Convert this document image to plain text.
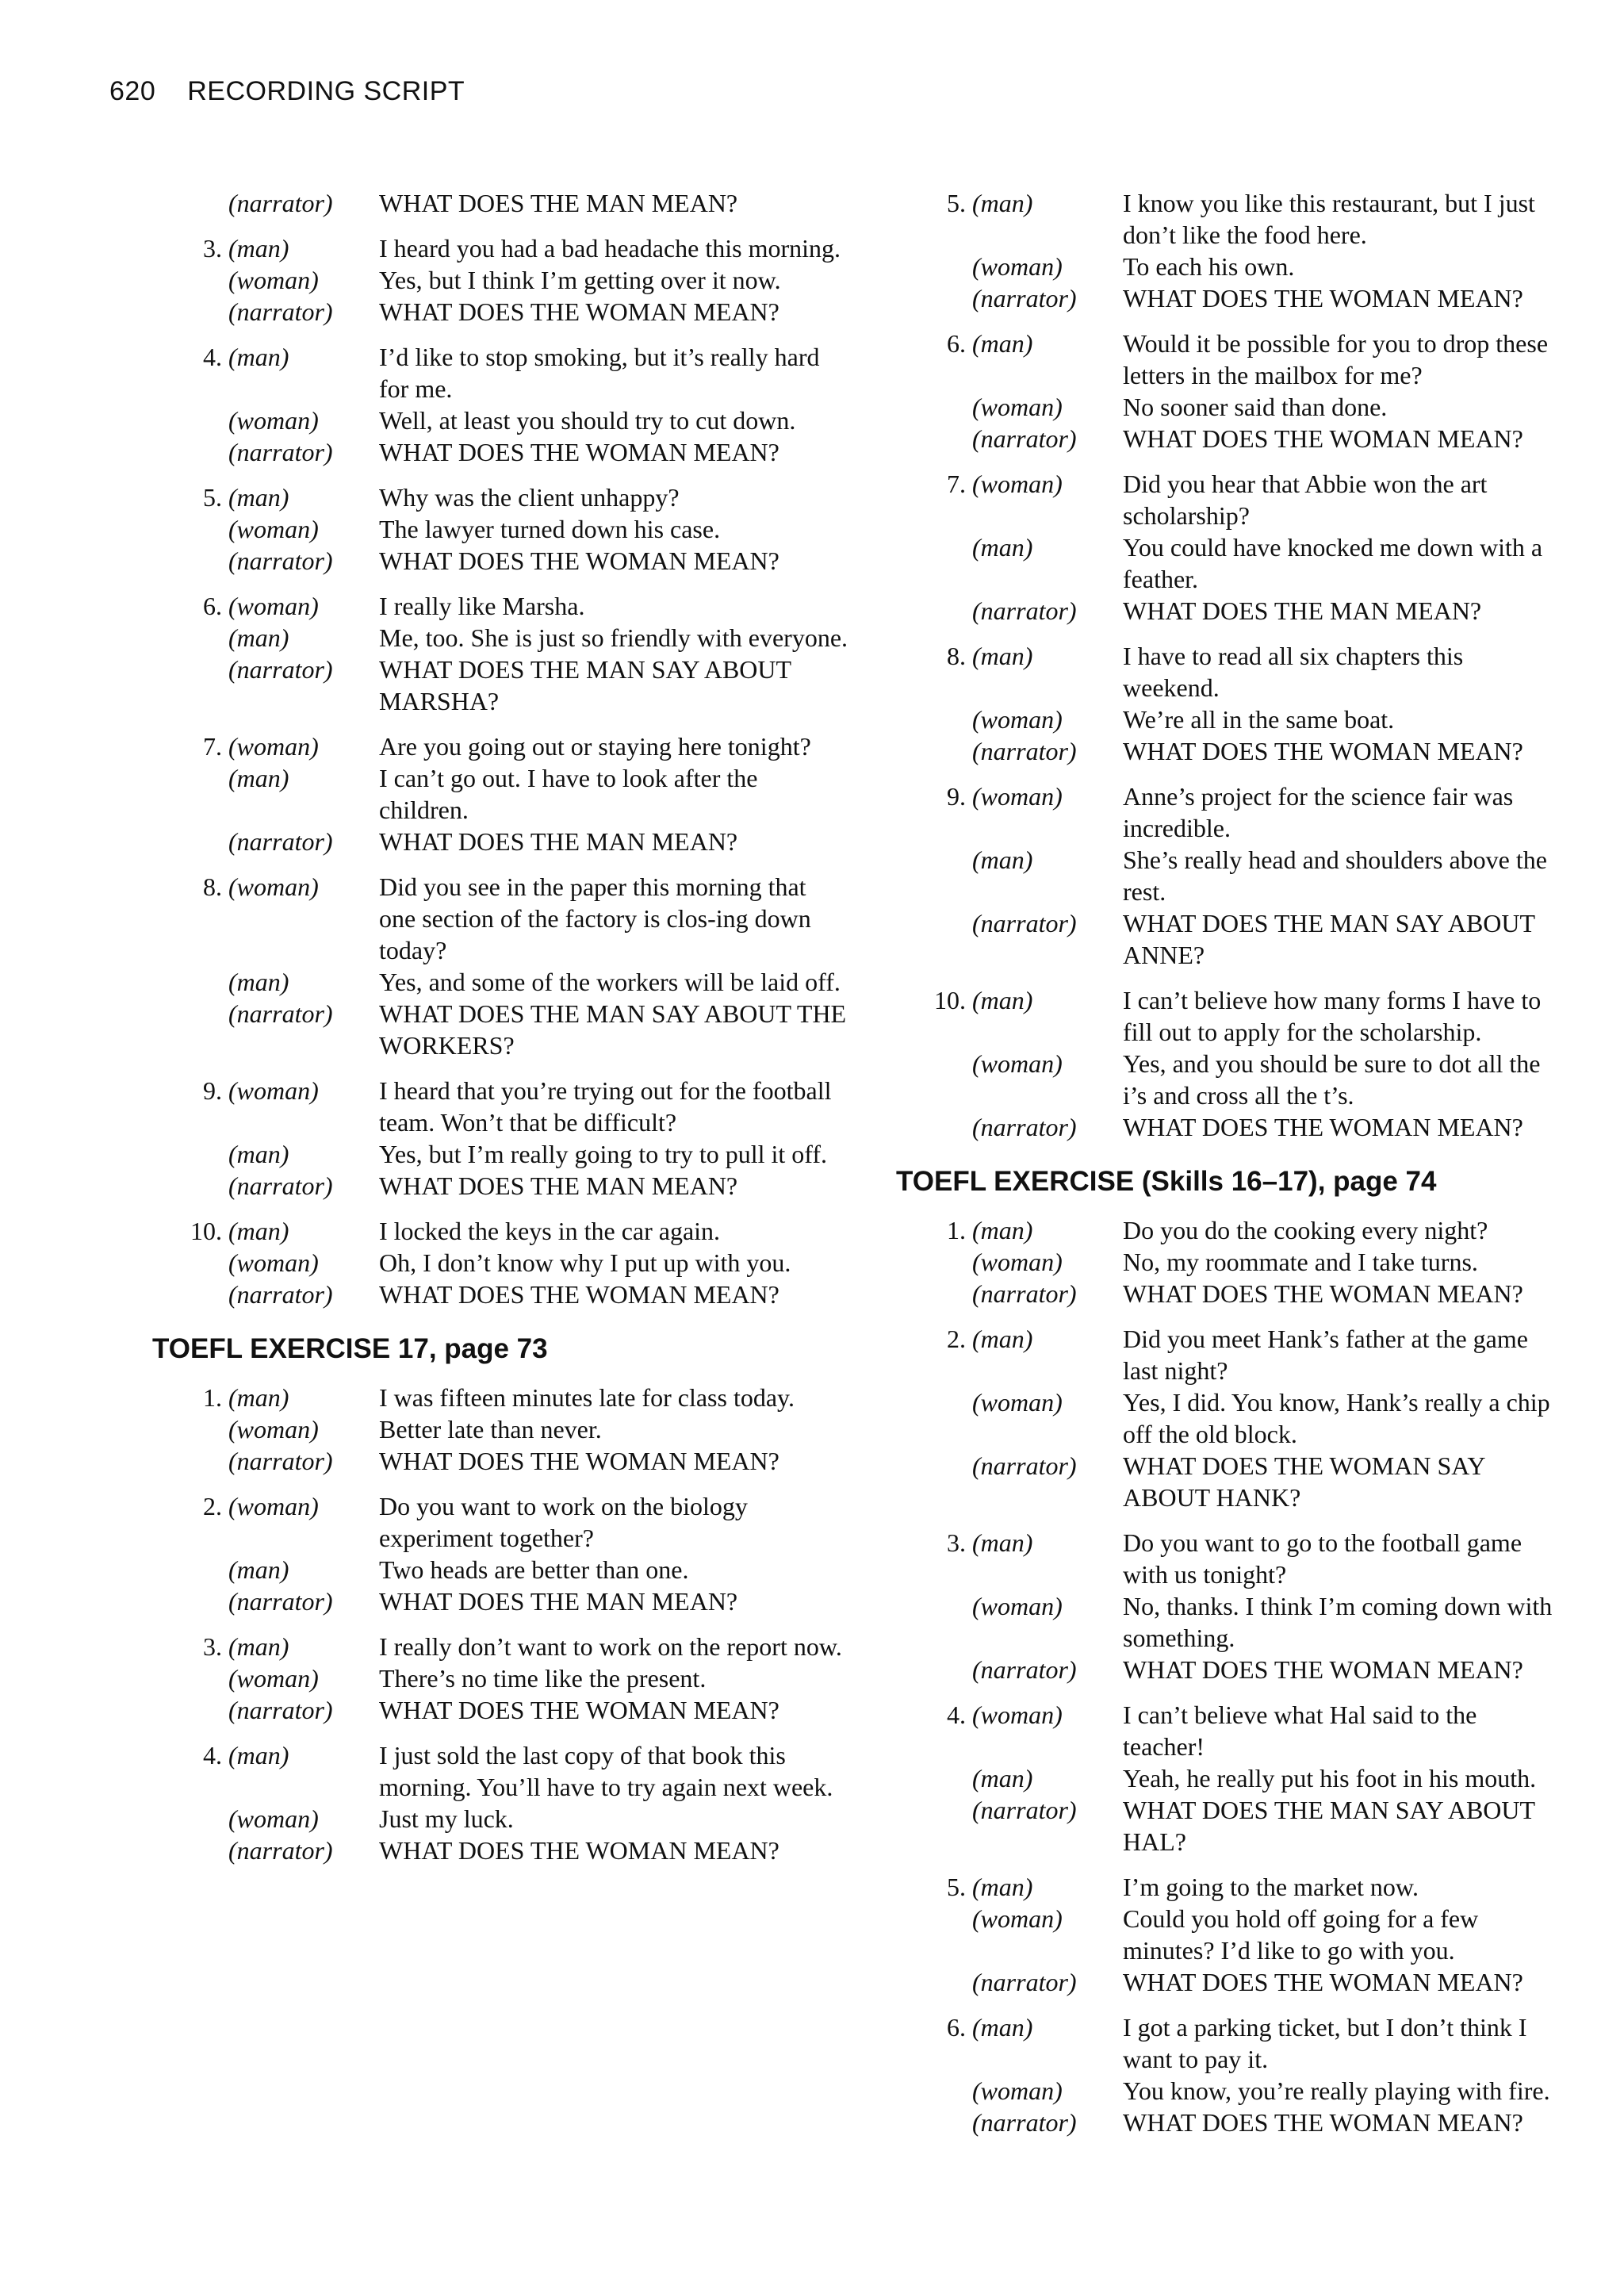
620 RECORDING SCRIPT
(narrator)	WHAT DOES THE MAN MEAN?
3. (man)	I heard you had a bad headache this morning.
(woman)	Yes, but I think I’m getting over it now.
(narrator)	WHAT DOES THE WOMAN MEAN?
4. (man)	I’d like to stop smoking, but it’s really hard for me.
(woman)	Well, at least you should try to cut down.
(narrator)	WHAT DOES THE WOMAN MEAN?
5. (man)	Why was the client unhappy?
(woman)	The lawyer turned down his case.
(narrator)	WHAT DOES THE WOMAN MEAN?
6. (woman)	I really like Marsha.
(man)	Me, too. She is just so friendly with everyone.
(narrator)	WHAT DOES THE MAN SAY ABOUT MARSHA?
7. (woman)	Are you going out or staying here tonight?
(man)	I can’t go out. I have to look after the children.
(narrator)	WHAT DOES THE MAN MEAN?
8. (woman)	Did you see in the paper this morning that one section of the factory is clos-ing down today?
(man)	Yes, and some of the workers will be laid off.
(narrator)	WHAT DOES THE MAN SAY ABOUT THE WORKERS?
9. (woman)	I heard that you’re trying out for the football team. Won’t that be difficult?
(man)	Yes, but I’m really going to try to pull it off.
(narrator)	WHAT DOES THE MAN MEAN?
10. (man)	I locked the keys in the car again.
(woman)	Oh, I don’t know why I put up with you.
(narrator)	WHAT DOES THE WOMAN MEAN?
TOEFL EXERCISE 17, page 73
1. (man)	I was fifteen minutes late for class today.
(woman)	Better late than never.
(narrator)	WHAT DOES THE WOMAN MEAN?
2. (woman)	Do you want to work on the biology experiment together?
(man)	Two heads are better than one.
(narrator)	WHAT DOES THE MAN MEAN?
3. (man)	I really don’t want to work on the report now.
(woman)	There’s no time like the present.
(narrator)	WHAT DOES THE WOMAN MEAN?
4. (man)	I just sold the last copy of that book this morning. You’ll have to try again next week.
(woman)	Just my luck.
(narrator)	WHAT DOES THE WOMAN MEAN?
5. (man)	I know you like this restaurant, but I just don’t like the food here.
(woman)	To each his own.
(narrator)	WHAT DOES THE WOMAN MEAN?
6. (man)	Would it be possible for you to drop these letters in the mailbox for me?
(woman)	No sooner said than done.
(narrator)	WHAT DOES THE WOMAN MEAN?
7. (woman)	Did you hear that Abbie won the art scholarship?
(man)	You could have knocked me down with a feather.
(narrator)	WHAT DOES THE MAN MEAN?
8. (man)	I have to read all six chapters this weekend.
(woman)	We’re all in the same boat.
(narrator)	WHAT DOES THE WOMAN MEAN?
9. (woman)	Anne’s project for the science fair was incredible.
(man)	She’s really head and shoulders above the rest.
(narrator)	WHAT DOES THE MAN SAY ABOUT ANNE?
10. (man)	I can’t believe how many forms I have to fill out to apply for the scholarship.
(woman)	Yes, and you should be sure to dot all the i’s and cross all the t’s.
(narrator)	WHAT DOES THE WOMAN MEAN?
TOEFL EXERCISE (Skills 16–17), page 74
1. (man)	Do you do the cooking every night?
(woman)	No, my roommate and I take turns.
(narrator)	WHAT DOES THE WOMAN MEAN?
2. (man)	Did you meet Hank’s father at the game last night?
(woman)	Yes, I did. You know, Hank’s really a chip off the old block.
(narrator)	WHAT DOES THE WOMAN SAY ABOUT HANK?
3. (man)	Do you want to go to the football game with us tonight?
(woman)	No, thanks. I think I’m coming down with something.
(narrator)	WHAT DOES THE WOMAN MEAN?
4. (woman)	I can’t believe what Hal said to the teacher!
(man)	Yeah, he really put his foot in his mouth.
(narrator)	WHAT DOES THE MAN SAY ABOUT HAL?
5. (man)	I’m going to the market now.
(woman)	Could you hold off going for a few minutes? I’d like to go with you.
(narrator)	WHAT DOES THE WOMAN MEAN?
6. (man)	I got a parking ticket, but I don’t think I want to pay it.
(woman)	You know, you’re really playing with fire.
(narrator)	WHAT DOES THE WOMAN MEAN?
